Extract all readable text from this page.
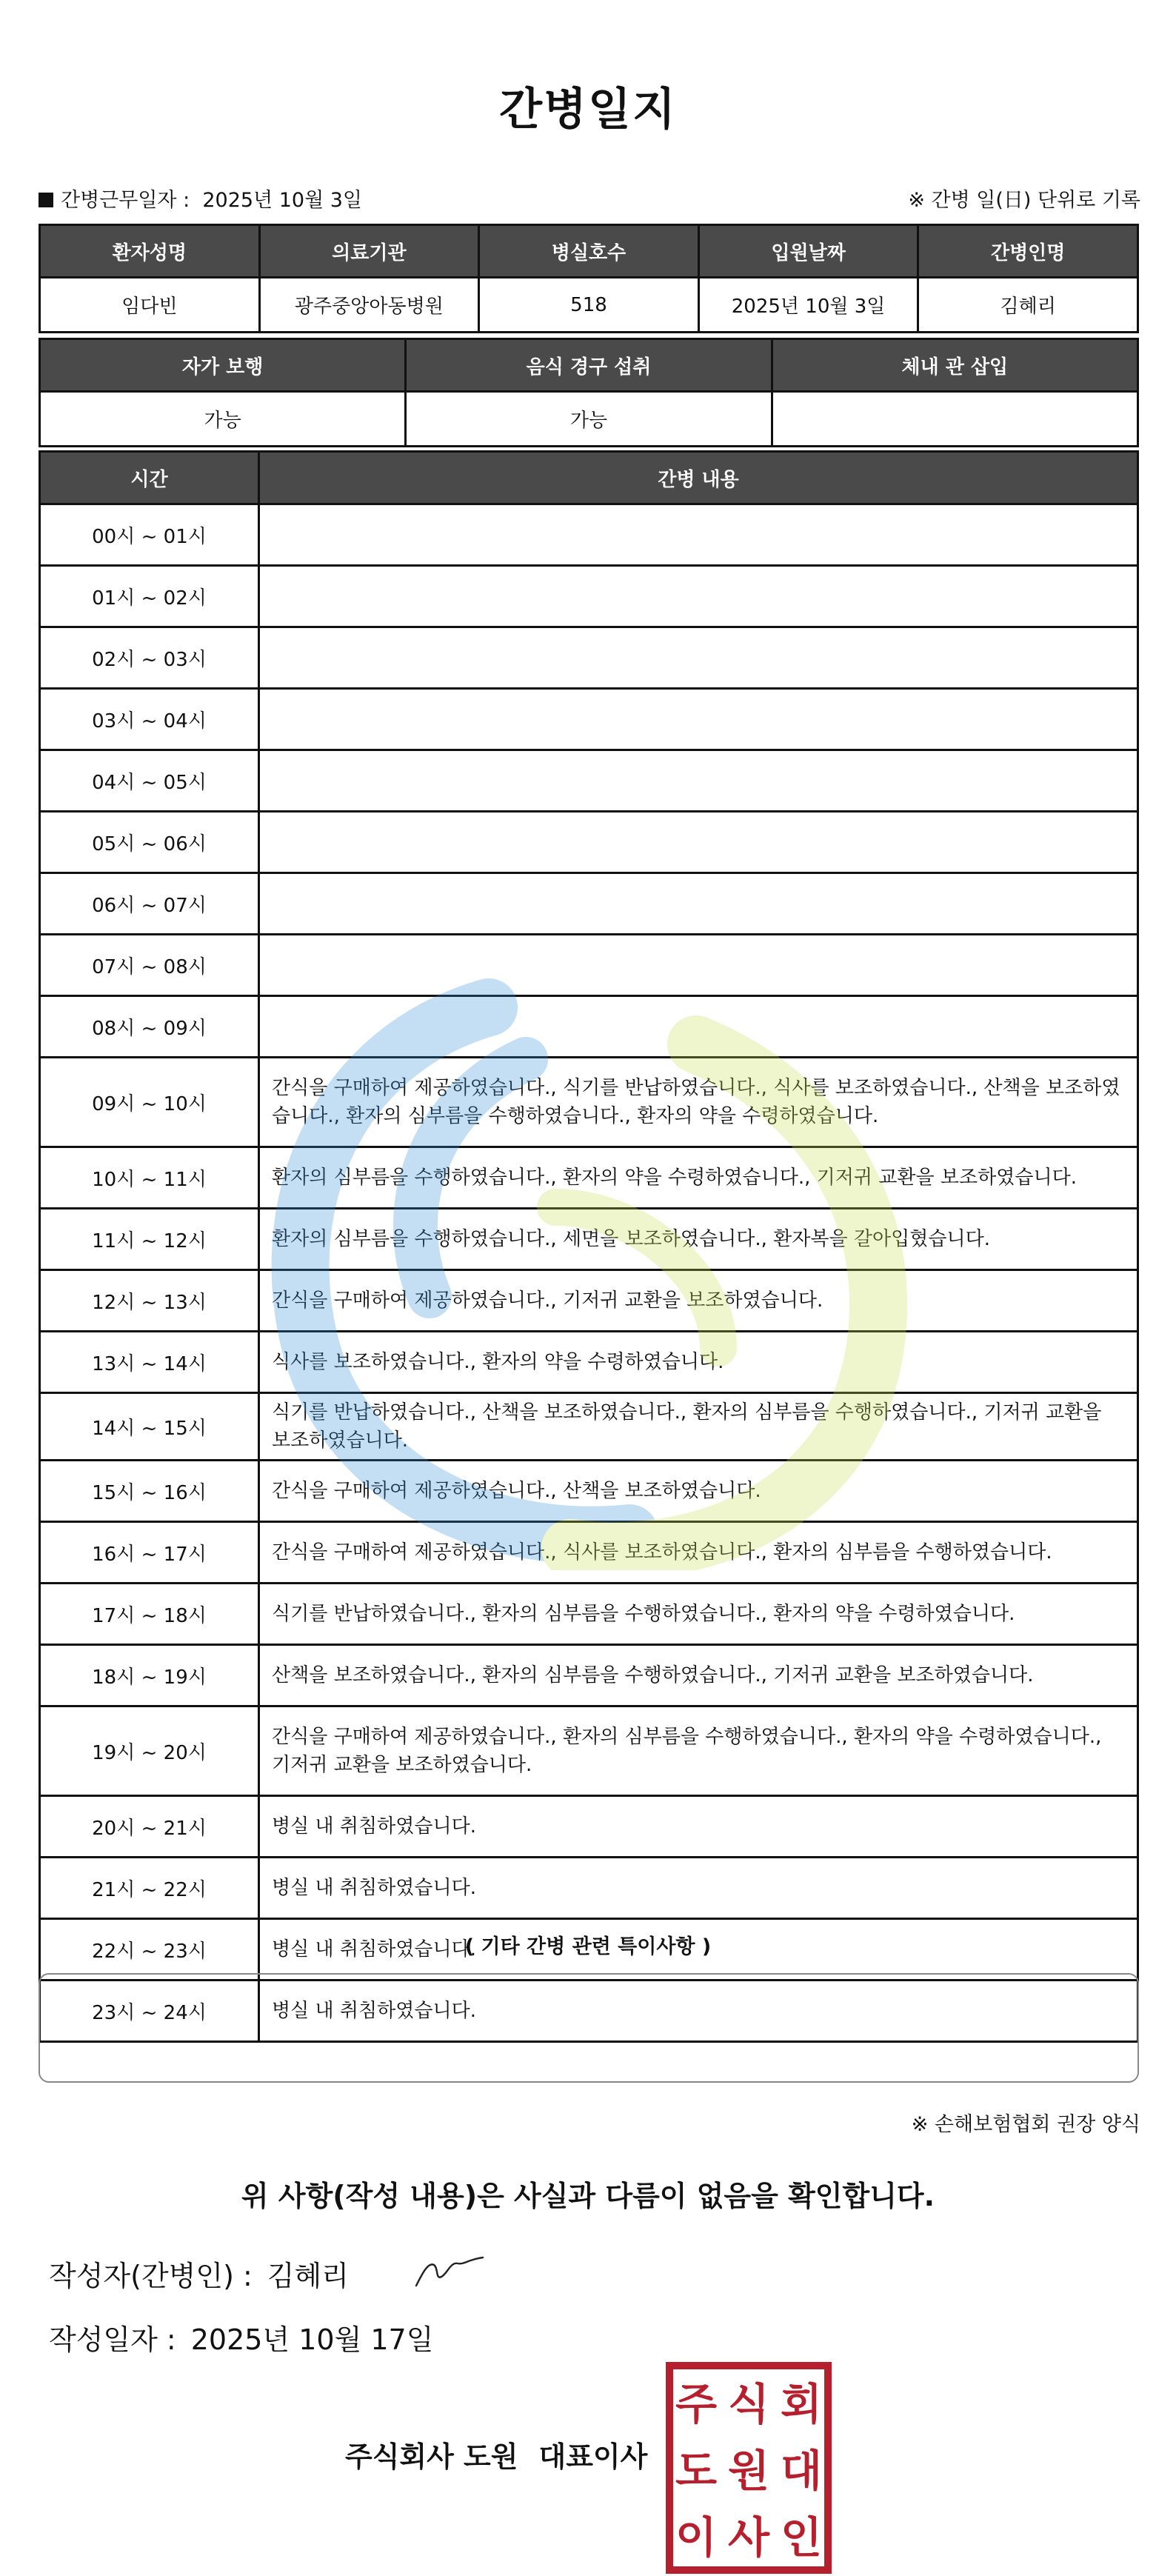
간병일지
간병근무일자 : 2025년 10월 3일	※ 간병 일(日) 단위로 기록
환자성명	의료기관	병실호수	입원날짜	간병인명
임다빈	광주중앙아동병원	518	2025년 10월 3일	김혜리
자가 보행	음식 경구 섭취	체내 관 삽입
가능	가능	
시간	간병 내용
00시 ~ 01시	
01시 ~ 02시	
02시 ~ 03시	
03시 ~ 04시	
04시 ~ 05시	
05시 ~ 06시	
06시 ~ 07시	
07시 ~ 08시	
08시 ~ 09시	
09시 ~ 10시	간식을 구매하여 제공하였습니다., 식기를 반납하였습니다., 식사를 보조하였습니다., 산책을 보조하였습니다., 환자의 심부름을 수행하였습니다., 환자의 약을 수령하였습니다.
10시 ~ 11시	환자의 심부름을 수행하였습니다., 환자의 약을 수령하였습니다., 기저귀 교환을 보조하였습니다.
11시 ~ 12시	환자의 심부름을 수행하였습니다., 세면을 보조하였습니다., 환자복을 갈아입혔습니다.
12시 ~ 13시	간식을 구매하여 제공하였습니다., 기저귀 교환을 보조하였습니다.
13시 ~ 14시	식사를 보조하였습니다., 환자의 약을 수령하였습니다.
14시 ~ 15시	식기를 반납하였습니다., 산책을 보조하였습니다., 환자의 심부름을 수행하였습니다., 기저귀 교환을 보조하였습니다.
15시 ~ 16시	간식을 구매하여 제공하였습니다., 산책을 보조하였습니다.
16시 ~ 17시	간식을 구매하여 제공하였습니다., 식사를 보조하였습니다., 환자의 심부름을 수행하였습니다.
17시 ~ 18시	식기를 반납하였습니다., 환자의 심부름을 수행하였습니다., 환자의 약을 수령하였습니다.
18시 ~ 19시	산책을 보조하였습니다., 환자의 심부름을 수행하였습니다., 기저귀 교환을 보조하였습니다.
19시 ~ 20시	간식을 구매하여 제공하였습니다., 환자의 심부름을 수행하였습니다., 환자의 약을 수령하였습니다., 기저귀 교환을 보조하였습니다.
20시 ~ 21시	병실 내 취침하였습니다.
21시 ~ 22시	병실 내 취침하였습니다.
22시 ~ 23시	병실 내 취침하였습니다.
23시 ~ 24시	병실 내 취침하였습니다.
( 기타 간병 관련 특이사항 )
※ 손해보험협회 권장 양식
위 사항(작성 내용)은 사실과 다름이 없음을 확인합니다.
작성자(간병인) : 김혜리
작성일자 : 2025년 10월 17일
주식회사 도원 대표이사
주 식 회
도 원 대
이 사 인
